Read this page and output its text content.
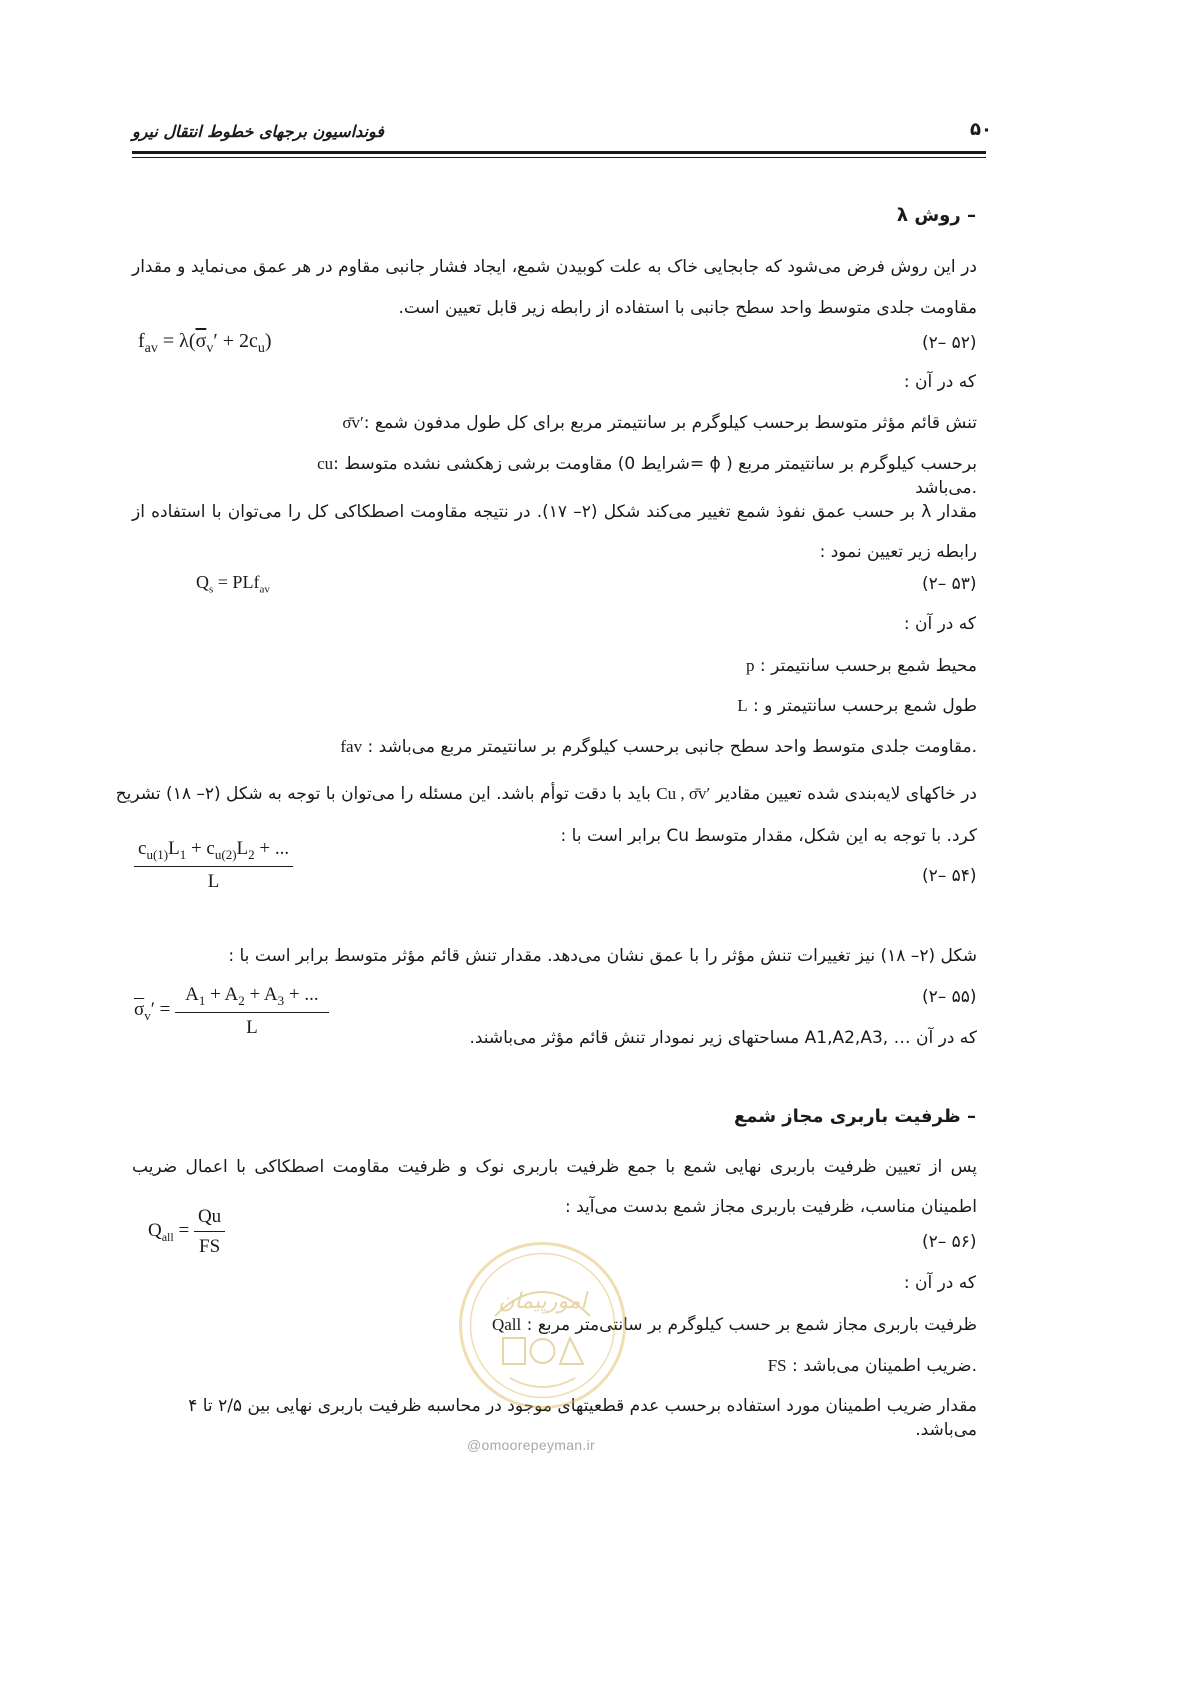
۵۰
فونداسیون برجهای خطوط انتقال نیرو
– روش λ
در این روش فرض می‌شود که جابجایی خاک به علت کوبیدن شمع، ایجاد فشار جانبی مقاوم در هر عمق می‌نماید و مقدار مقاومت جلدی متوسط واحد سطح جانبی با استفاده از رابطه زیر قابل تعیین است.
$f_{av} = \lambda(\overline{\sigma}_v' + 2c_u)$	(۲– ۵۲)
که در آن :
σ̄v′: تنش قائم مؤثر متوسط برحسب کیلوگرم بر سانتیمتر مربع برای کل طول مدفون شمع
cu: مقاومت برشی زهکشی نشده متوسط (شرایط 0= ϕ ) برحسب کیلوگرم بر سانتیمتر مربع می‌باشد.
مقدار λ بر حسب عمق نفوذ شمع تغییر می‌کند شکل (۲– ۱۷). در نتیجه مقاومت اصطکاکی کل را می‌توان با استفاده از رابطه زیر تعیین نمود :
$Q_s = PLf_{av}$	(۲– ۵۳)
که در آن :
p : محیط شمع برحسب سانتیمتر
L : طول شمع برحسب سانتیمتر و
fav : مقاومت جلدی متوسط واحد سطح جانبی برحسب کیلوگرم بر سانتیمتر مربع می‌باشد.
در خاکهای لایه‌بندی شده تعیین مقادیر Cu , σ̄v′ باید با دقت توأم باشد. این مسئله را می‌توان با توجه به شکل (۲– ۱۸) تشریح
کرد. با توجه به این شکل، مقدار متوسط Cu برابر است با :
$\frac{c_{u(1)}L_1 + c_{u(2)}L_2 + ...}{L}$	(۲– ۵۴)
شکل (۲– ۱۸) نیز تغییرات تنش مؤثر را با عمق نشان می‌دهد. مقدار تنش قائم مؤثر متوسط برابر است با :
$\overline{\sigma}_v' = \frac{A_1 + A_2 + A_3 + ...}{L}$	(۲– ۵۵)
که در آن … ,A1,A2,A3 مساحتهای زیر نمودار تنش قائم مؤثر می‌باشند.
– ظرفیت باربری مجاز شمع
پس از تعیین ظرفیت باربری نهایی شمع با جمع ظرفیت باربری نوک و ظرفیت مقاومت اصطکاکی با اعمال ضریب اطمینان مناسب، ظرفیت باربری مجاز شمع بدست می‌آید :
$Q_{all} = \frac{Qu}{FS}$	(۲– ۵۶)
که در آن :
Qall : ظرفیت باربری مجاز شمع بر حسب کیلوگرم بر سانتی‌متر مربع
FS : ضریب اطمینان می‌باشد.
مقدار ضریب اطمینان مورد استفاده برحسب عدم قطعیتهای موجود در محاسبه ظرفیت باربری نهایی بین ۲/۵ تا ۴ می‌باشد.
امورپیمان
@omoorepeyman.ir
